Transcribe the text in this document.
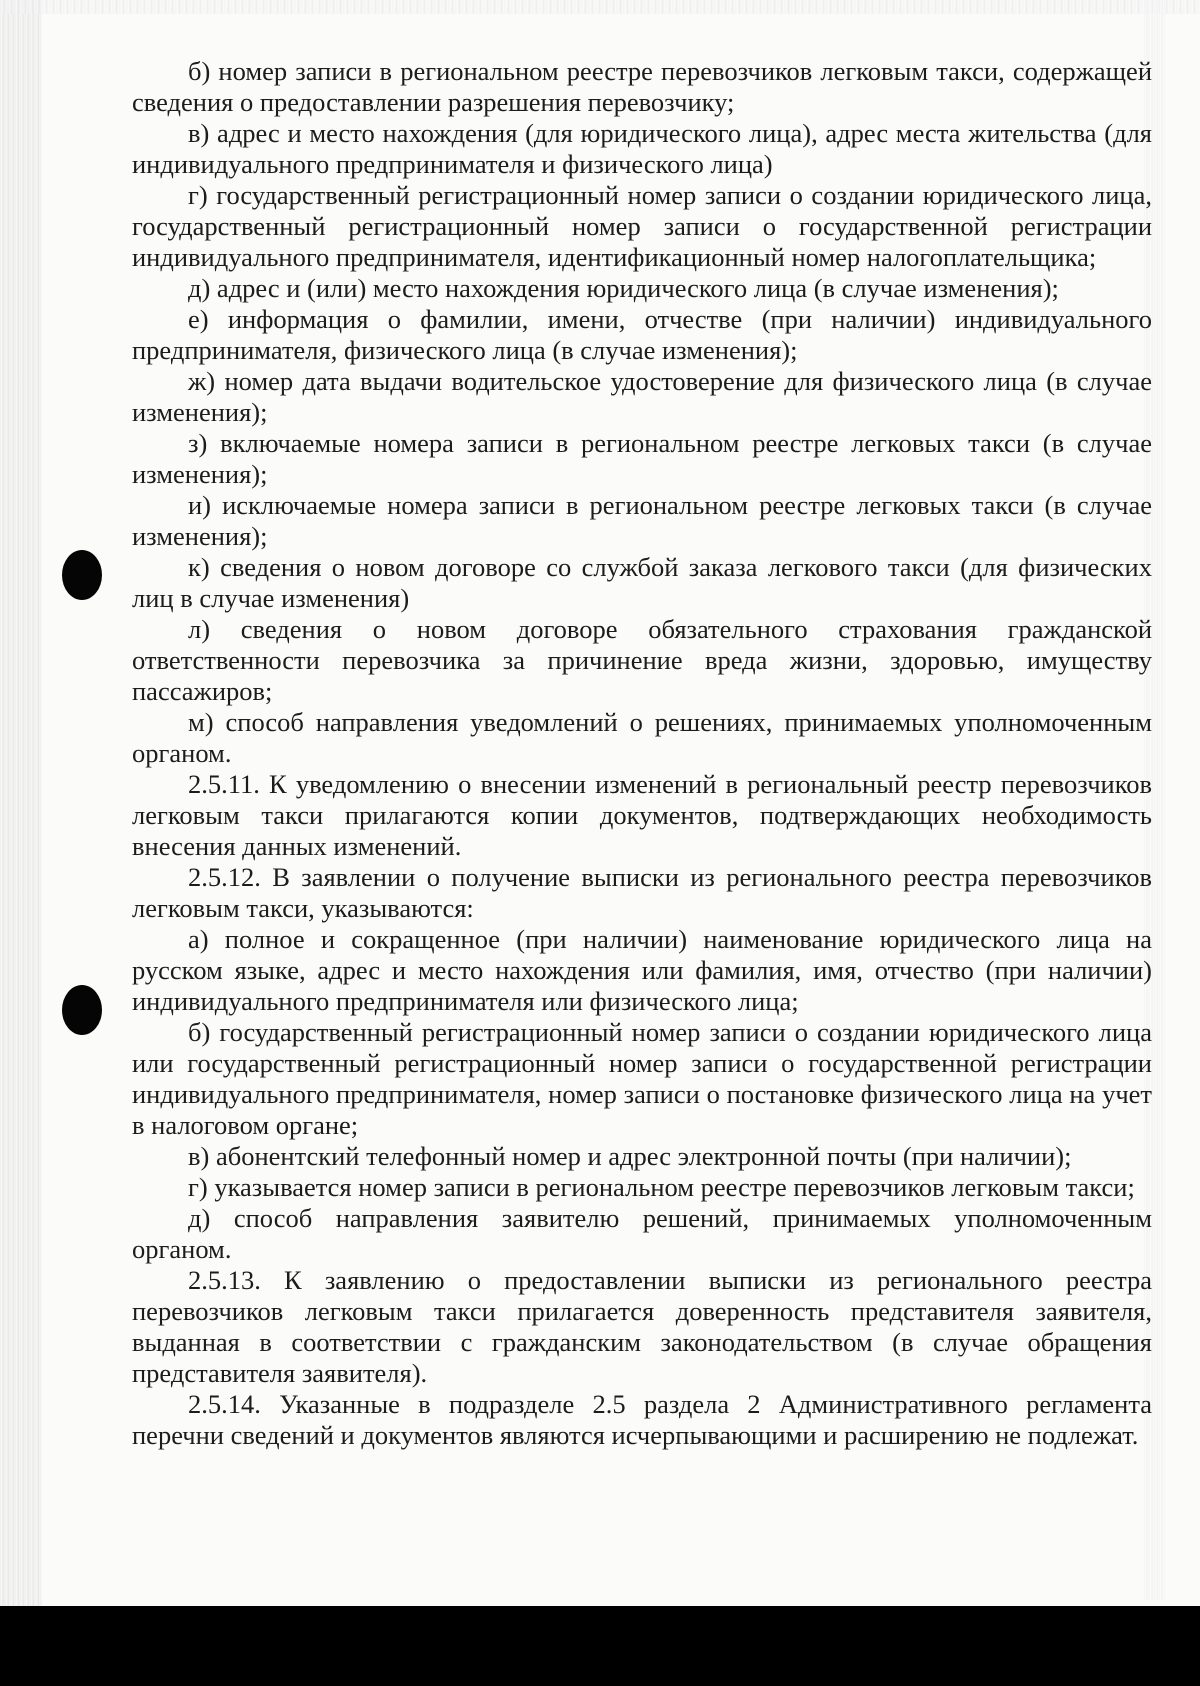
б) номер записи в региональном реестре перевозчиков легковым такси, содержащей сведения о предоставлении разрешения перевозчику;

в) адрес и место нахождения (для юридического лица), адрес места жительства (для индивидуального предпринимателя и физического лица)

г) государственный регистрационный номер записи о создании юридического лица, государственный регистрационный номер записи о государственной регистрации индивидуального предпринимателя, идентификационный номер налогоплательщика;

д) адрес и (или) место нахождения юридического лица (в случае изменения);

е) информация о фамилии, имени, отчестве (при наличии) индивидуального предпринимателя, физического лица (в случае изменения);

ж) номер дата выдачи водительское удостоверение для физического лица (в случае изменения);

з) включаемые номера записи в региональном реестре легковых такси (в случае изменения);

и) исключаемые номера записи в региональном реестре легковых такси (в случае изменения);

к) сведения о новом договоре со службой заказа легкового такси (для физических лиц в случае изменения)

л) сведения о новом договоре обязательного страхования гражданской ответственности перевозчика за причинение вреда жизни, здоровью, имуществу пассажиров;

м) способ направления уведомлений о решениях, принимаемых уполномоченным органом.

2.5.11. К уведомлению о внесении изменений в региональный реестр перевозчиков легковым такси прилагаются копии документов, подтверждающих необходимость внесения данных изменений.

2.5.12. В заявлении о получение выписки из регионального реестра перевозчиков легковым такси, указываются:

а) полное и сокращенное (при наличии) наименование юридического лица на русском языке, адрес и место нахождения или фамилия, имя, отчество (при наличии) индивидуального предпринимателя или физического лица;

б) государственный регистрационный номер записи о создании юридического лица или государственный регистрационный номер записи о государственной регистрации индивидуального предпринимателя, номер записи о постановке физического лица на учет в налоговом органе;

в) абонентский телефонный номер и адрес электронной почты (при наличии);

г) указывается номер записи в региональном реестре перевозчиков легковым такси;

д) способ направления заявителю решений, принимаемых уполномоченным органом.

2.5.13. К заявлению о предоставлении выписки из регионального реестра перевозчиков легковым такси прилагается доверенность представителя заявителя, выданная в соответствии с гражданским законодательством (в случае обращения представителя заявителя).

2.5.14. Указанные в подразделе 2.5 раздела 2 Административного регламента перечни сведений и документов являются исчерпывающими и расширению не подлежат.
